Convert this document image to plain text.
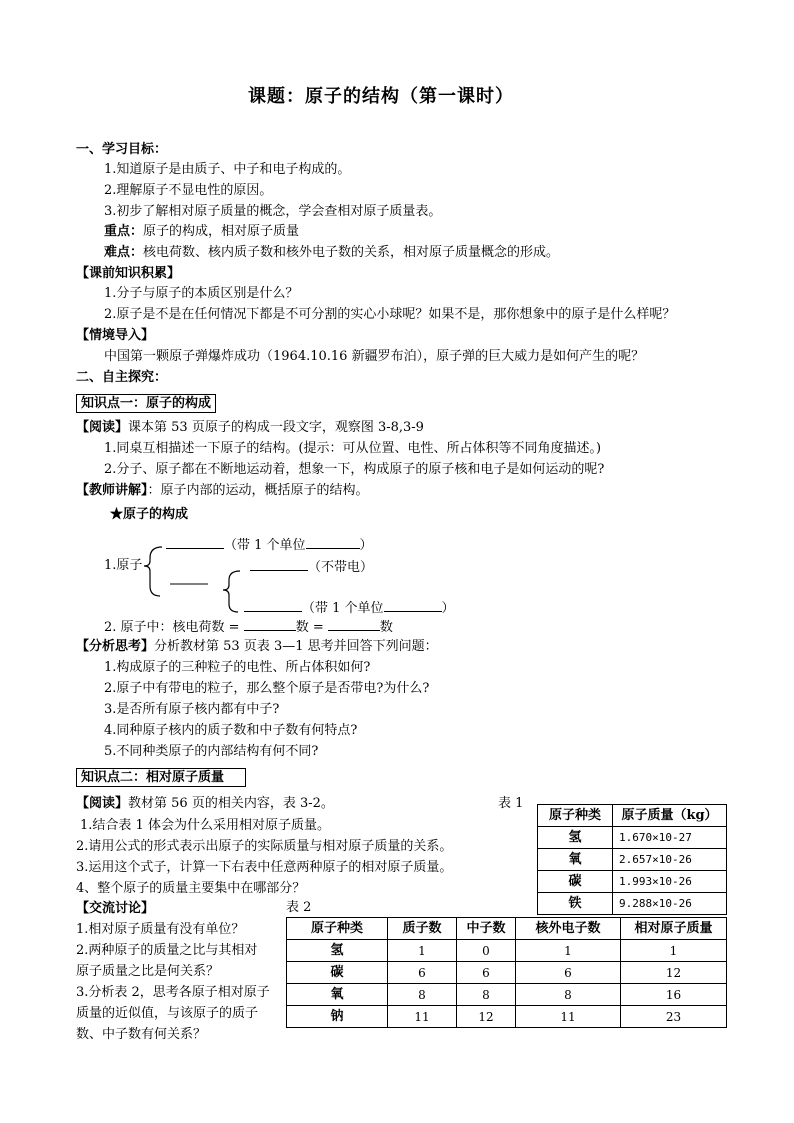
课题：原子的结构（第一课时）
一、学习目标：
1.知道原子是由质子、中子和电子构成的。
2.理解原子不显电性的原因。
3.初步了解相对原子质量的概念，学会查相对原子质量表。
重点：原子的构成，相对原子质量
难点：核电荷数、核内质子数和核外电子数的关系，相对原子质量概念的形成。
【课前知识积累】
1.分子与原子的本质区别是什么？
2.原子是不是在任何情况下都是不可分割的实心小球呢？如果不是，那你想象中的原子是什么样呢？
【情境导入】
中国第一颗原子弹爆炸成功（1964.10.16 新疆罗布泊），原子弹的巨大威力是如何产生的呢？
二、自主探究：
知识点一：原子的构成
【阅读】课本第 53 页原子的构成一段文字，观察图 3-8,3-9
1.同桌互相描述一下原子的结构。(提示：可从位置、电性、所占体积等不同角度描述。)
2.分子、原子都在不断地运动着，想象一下，构成原子的原子核和电子是如何运动的呢?
【教师讲解】：原子内部的运动，概括原子的结构。
★原子的构成
1.原子
（带 1 个单位	）
（不带电）
（带 1 个单位	）
2. 原子中：核电荷数 =	数 =	数
【分析思考】分析教材第 53 页表 3—1 思考并回答下列问题：
1.构成原子的三种粒子的电性、所占体积如何?
2.原子中有带电的粒子，那么整个原子是否带电?为什么?
3.是否所有原子核内都有中子?
4.同种原子核内的质子数和中子数有何特点?
5.不同种类原子的内部结构有何不同?
知识点二：相对原子质量
【阅读】教材第 56 页的相关内容，表 3-2。
1.结合表 1 体会为什么采用相对原子质量。
2.请用公式的形式表示出原子的实际质量与相对原子质量的关系。
3.运用这个式子，计算一下右表中任意两种原子的相对原子质量。
4、整个原子的质量主要集中在哪部分？
【交流讨论】
1.相对原子质量有没有单位？
2.两种原子的质量之比与其相对
原子质量之比是何关系？
3.分析表 2，思考各原子相对原子
质量的近似值，与该原子的质子
数、中子数有何关系？
表 1
原子种类	原子质量（kg）
氢	1.670×10-27
氧	2.657×10-26
碳	1.993×10-26
铁	9.288×10-26
表 2
原子种类	质子数	中子数	核外电子数	相对原子质量
氢	1	0	1	1
碳	6	6	6	12
氧	8	8	8	16
钠	11	12	11	23
